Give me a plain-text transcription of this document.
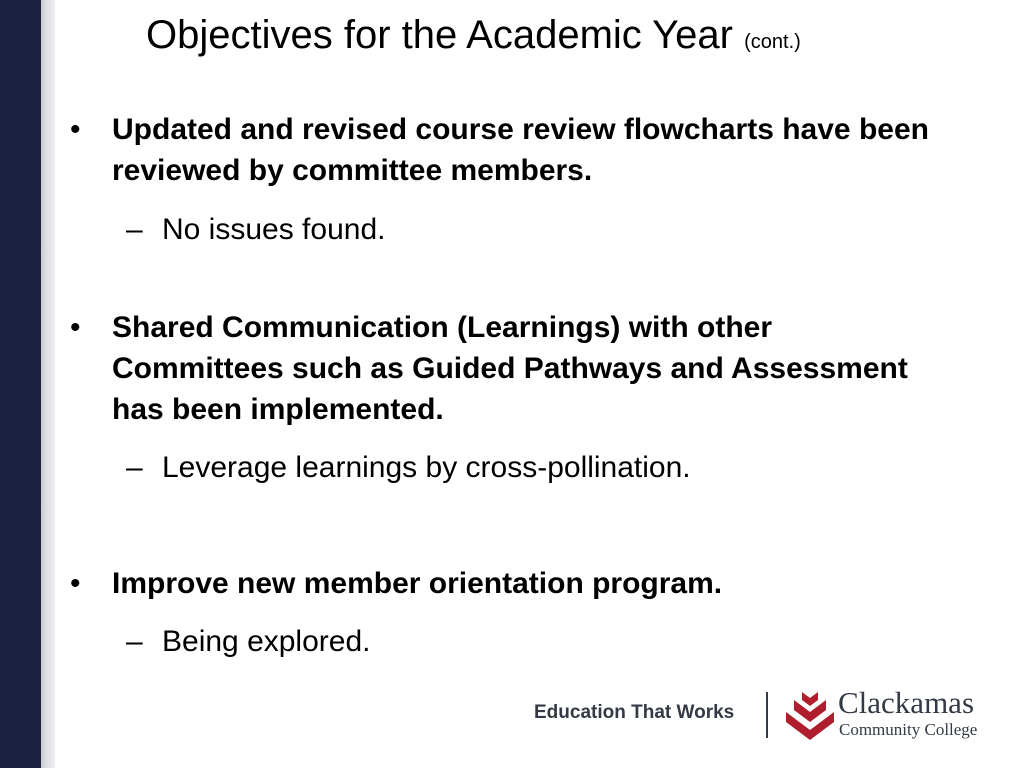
Objectives for the Academic Year (cont.)
• Updated and revised course review flowcharts have been reviewed by committee members.
– No issues found.
• Shared Communication (Learnings) with other Committees such as Guided Pathways and Assessment has been implemented.
– Leverage learnings by cross-pollination.
• Improve new member orientation program.
– Being explored.
Education That Works	Clackamas
Community College
